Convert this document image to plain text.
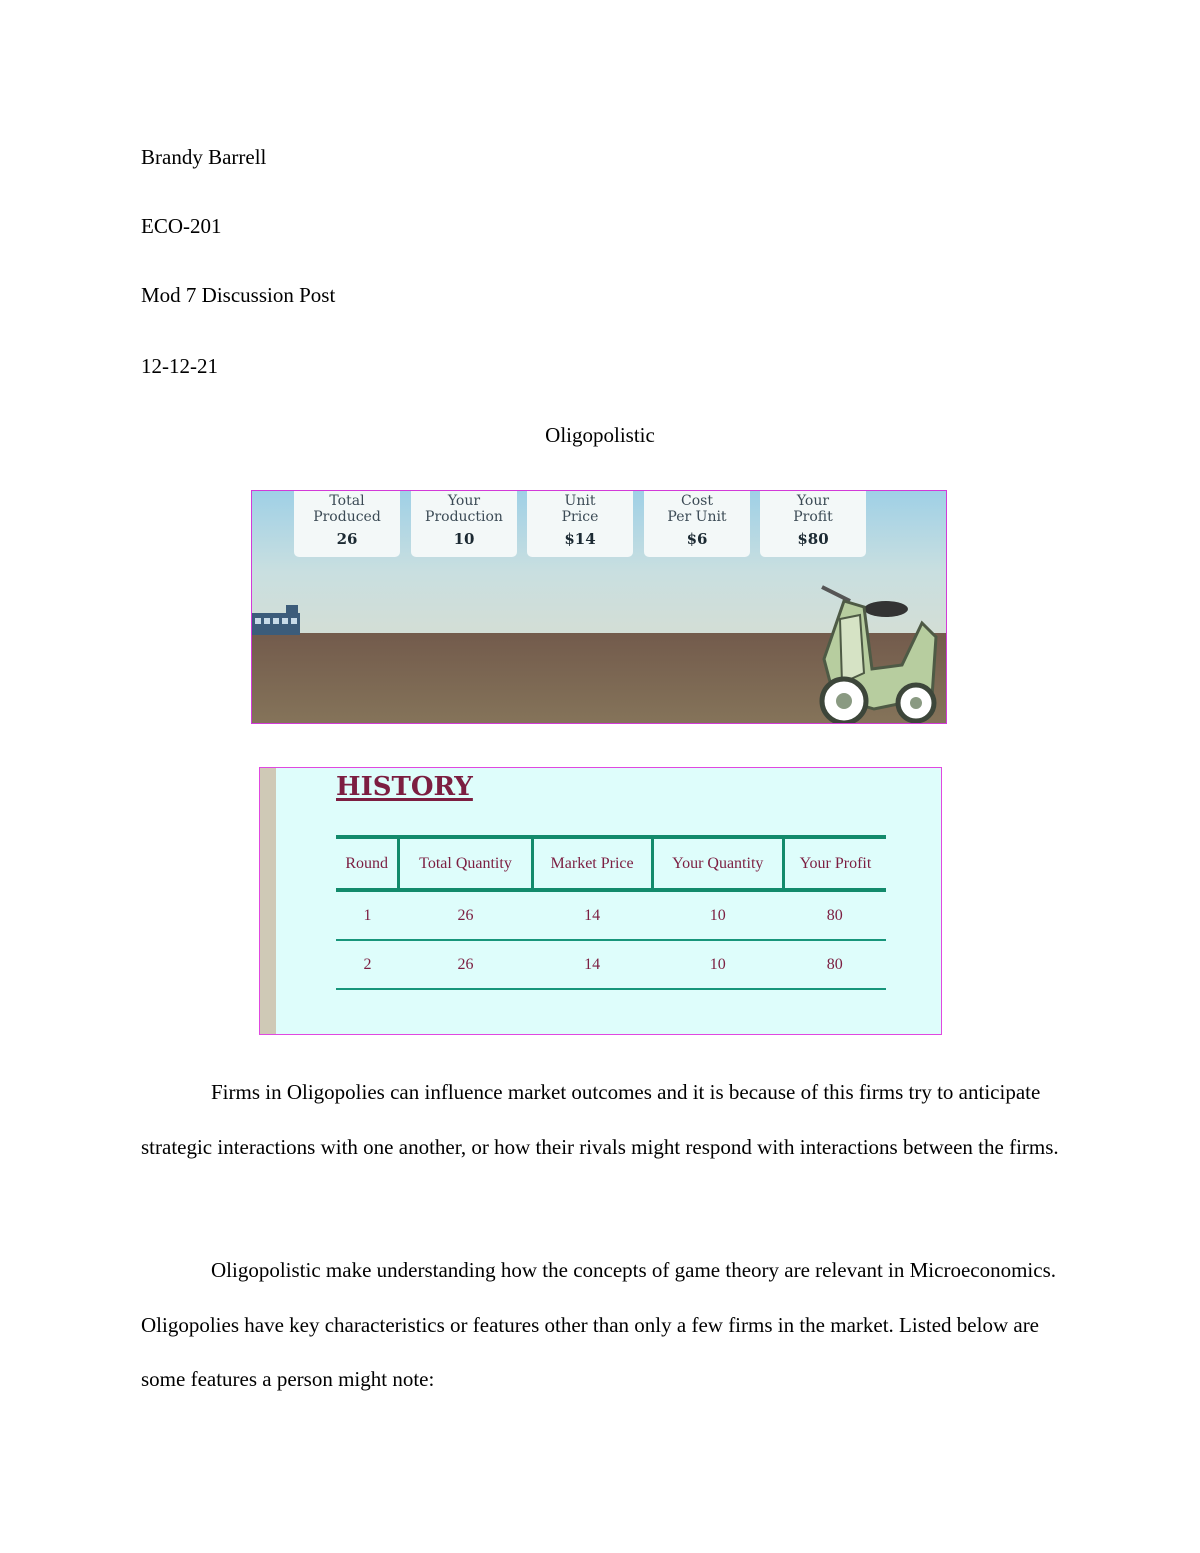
Brandy Barrell
ECO-201
Mod 7 Discussion Post
12-12-21
Oligopolistic
Total
Produced
26
Your
Production
10
Unit
Price
$14
Cost
Per Unit
$6
Your
Profit
$80
HISTORY
Round	Total Quantity	Market Price	Your Quantity	Your Profit
1	26	14	10	80
2	26	14	10	80
Firms in Oligopolies can influence market outcomes and it is because of this firms try to anticipate strategic interactions with one another, or how their rivals might respond with interactions between the firms.
Oligopolistic make understanding how the concepts of game theory are relevant in Microeconomics. Oligopolies have key characteristics or features other than only a few firms in the market. Listed below are some features a person might note:
